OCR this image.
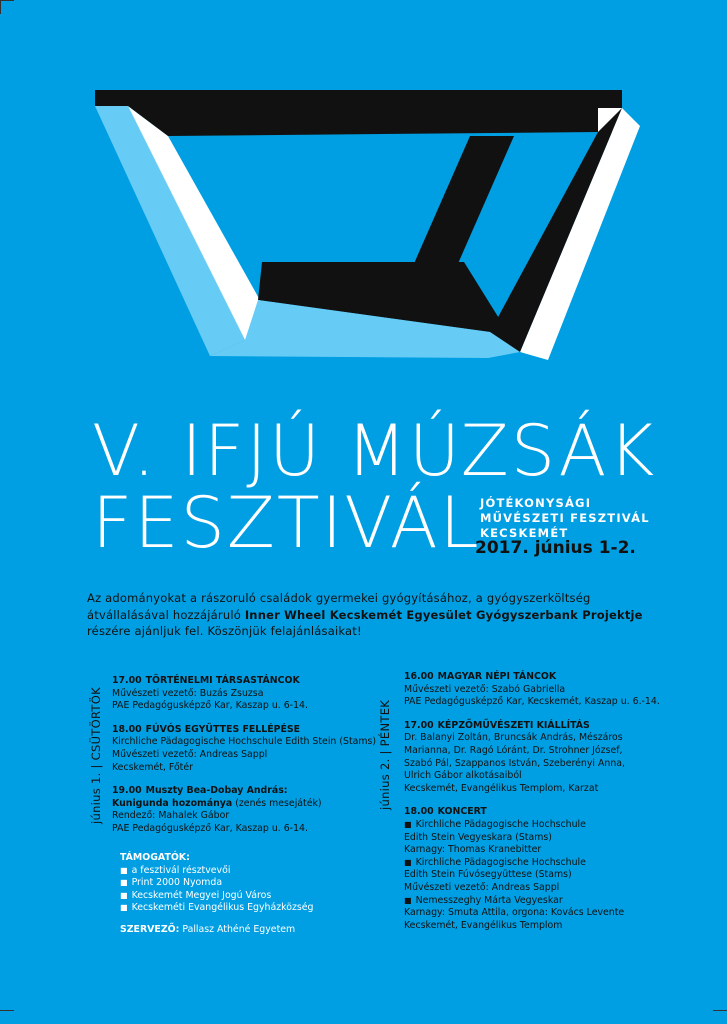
V. IFJÚ MÚZSÁK
FESZTIVÁL JÓTÉKONYSÁGI
MŰVÉSZETI FESZTIVÁL
KECSKEMÉT
2017. június 1-2.
Az adományokat a rászoruló családok gyermekei gyógyításához, a gyógyszerköltség átvállalásával hozzájáruló Inner Wheel Kecskemét Egyesület Gyógyszerbank Projektje részére ajánljuk fel. Köszönjük felajánlásaikat!
június 1. | CSÜTÖRTÖK	június 2. | PÉNTEK
17.00 TÖRTÉNELMI TÁRSASTÁNCOK
Művészeti vezető: Buzás Zsuzsa
PAE Pedagógusképző Kar, Kaszap u. 6-14.
18.00 FÚVÓS EGYÜTTES FELLÉPÉSE
Kirchliche Pädagogische Hochschule Edith Stein (Stams)
Művészeti vezető: Andreas Sappl
Kecskemét, Főtér
19.00 Muszty Bea-Dobay András:
Kunigunda hozománya (zenés mesejáték)
Rendező: Mahalek Gábor
PAE Pedagógusképző Kar, Kaszap u. 6-14.
TÁMOGATÓK:
■ a fesztivál résztvevői
■ Print 2000 Nyomda
■ Kecskemét Megyei Jogú Város
■ Kecskeméti Evangélikus Egyházközség
SZERVEZŐ: Pallasz Athéné Egyetem
16.00 MAGYAR NÉPI TÁNCOK
Művészeti vezető: Szabó Gabriella
PAE Pedagógusképző Kar, Kecskemét, Kaszap u. 6.-14.
17.00 KÉPZŐMŰVÉSZETI KIÁLLÍTÁS
Dr. Balanyi Zoltán, Bruncsák András, Mészáros
Marianna, Dr. Ragó Lóránt, Dr. Strohner József,
Szabó Pál, Szappanos István, Szeberényi Anna,
Ulrich Gábor alkotásaiból
Kecskemét, Evangélikus Templom, Karzat
18.00 KONCERT
■ Kirchliche Pädagogische Hochschule
Edith Stein Vegyeskara (Stams)
Karnagy: Thomas Kranebitter
■ Kirchliche Pädagogische Hochschule
Edith Stein Fúvósegyüttese (Stams)
Művészeti vezető: Andreas Sappl
■ Nemesszeghy Márta Vegyeskar
Karnagy: Smuta Attila, orgona: Kovács Levente
Kecskemét, Evangélikus Templom
